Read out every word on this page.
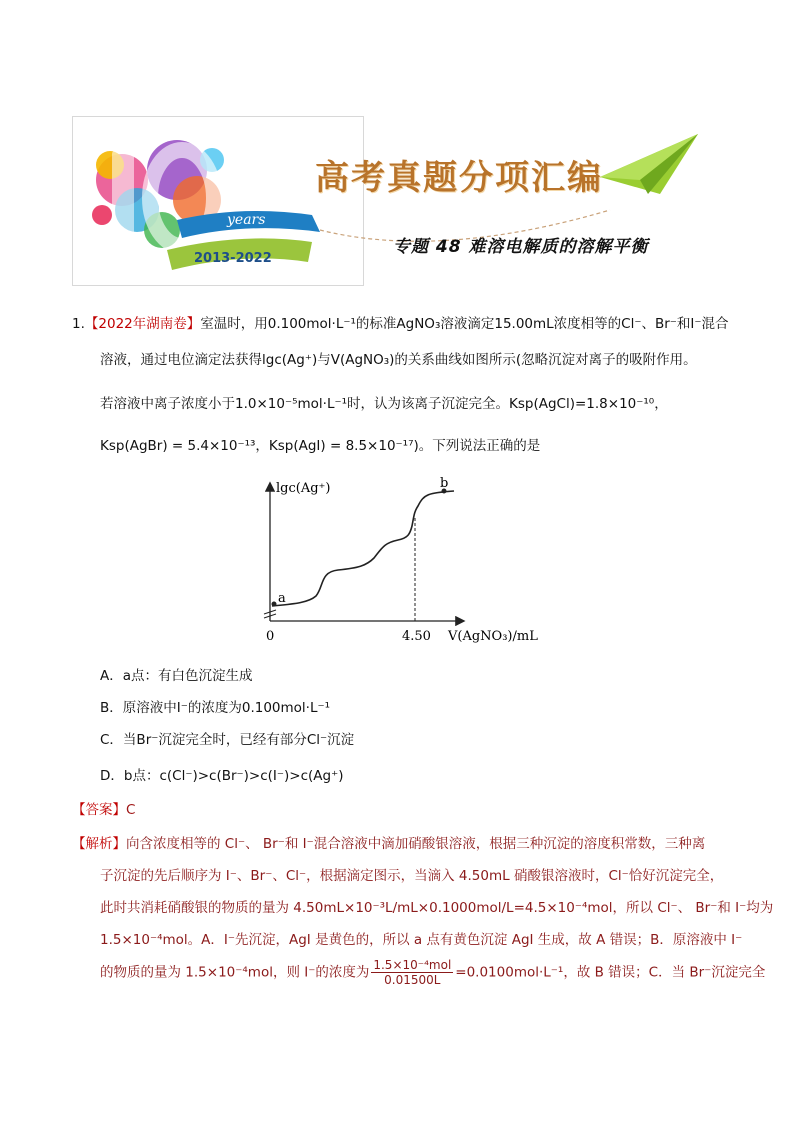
years
2013-2022
高考真题分项汇编
专题 48 难溶电解质的溶解平衡
1.【2022年湖南卷】室温时，用0.100mol·L⁻¹的标准AgNO₃溶液滴定15.00mL浓度相等的Cl⁻、Br⁻和I⁻混合
溶液，通过电位滴定法获得lgc(Ag⁺)与V(AgNO₃)的关系曲线如图所示(忽略沉淀对离子的吸附作用。
若溶液中离子浓度小于1.0×10⁻⁵mol·L⁻¹时，认为该离子沉淀完全。Ksp(AgCl)=1.8×10⁻¹⁰，
Ksp(AgBr) = 5.4×10⁻¹³，Ksp(AgI) = 8.5×10⁻¹⁷)。下列说法正确的是
lgc(Ag⁺)
a
b
0	4.50 V(AgNO₃)/mL
A．a点：有白色沉淀生成
B．原溶液中I⁻的浓度为0.100mol·L⁻¹
C．当Br⁻沉淀完全时，已经有部分Cl⁻沉淀
D．b点：c(Cl⁻)>c(Br⁻)>c(I⁻)>c(Ag⁺)
【答案】C
【解析】向含浓度相等的 Cl⁻、 Br⁻和 I⁻混合溶液中滴加硝酸银溶液，根据三种沉淀的溶度积常数，三种离
子沉淀的先后顺序为 I⁻、Br⁻、Cl⁻，根据滴定图示，当滴入 4.50mL 硝酸银溶液时，Cl⁻恰好沉淀完全，
此时共消耗硝酸银的物质的量为 4.50mL×10⁻³L/mL×0.1000mol/L=4.5×10⁻⁴mol，所以 Cl⁻、 Br⁻和 I⁻均为
1.5×10⁻⁴mol。A．I⁻先沉淀，AgI 是黄色的，所以 a 点有黄色沉淀 AgI 生成，故 A 错误；B．原溶液中 I⁻
的物质的量为 1.5×10⁻⁴mol，则 I⁻的浓度为 $\frac{\text{1.5×10⁻⁴mol}}{0.01500L} =0.0100mol\cdot L^{-1}$，故 B 错误；C．当 Br⁻沉淀完全
